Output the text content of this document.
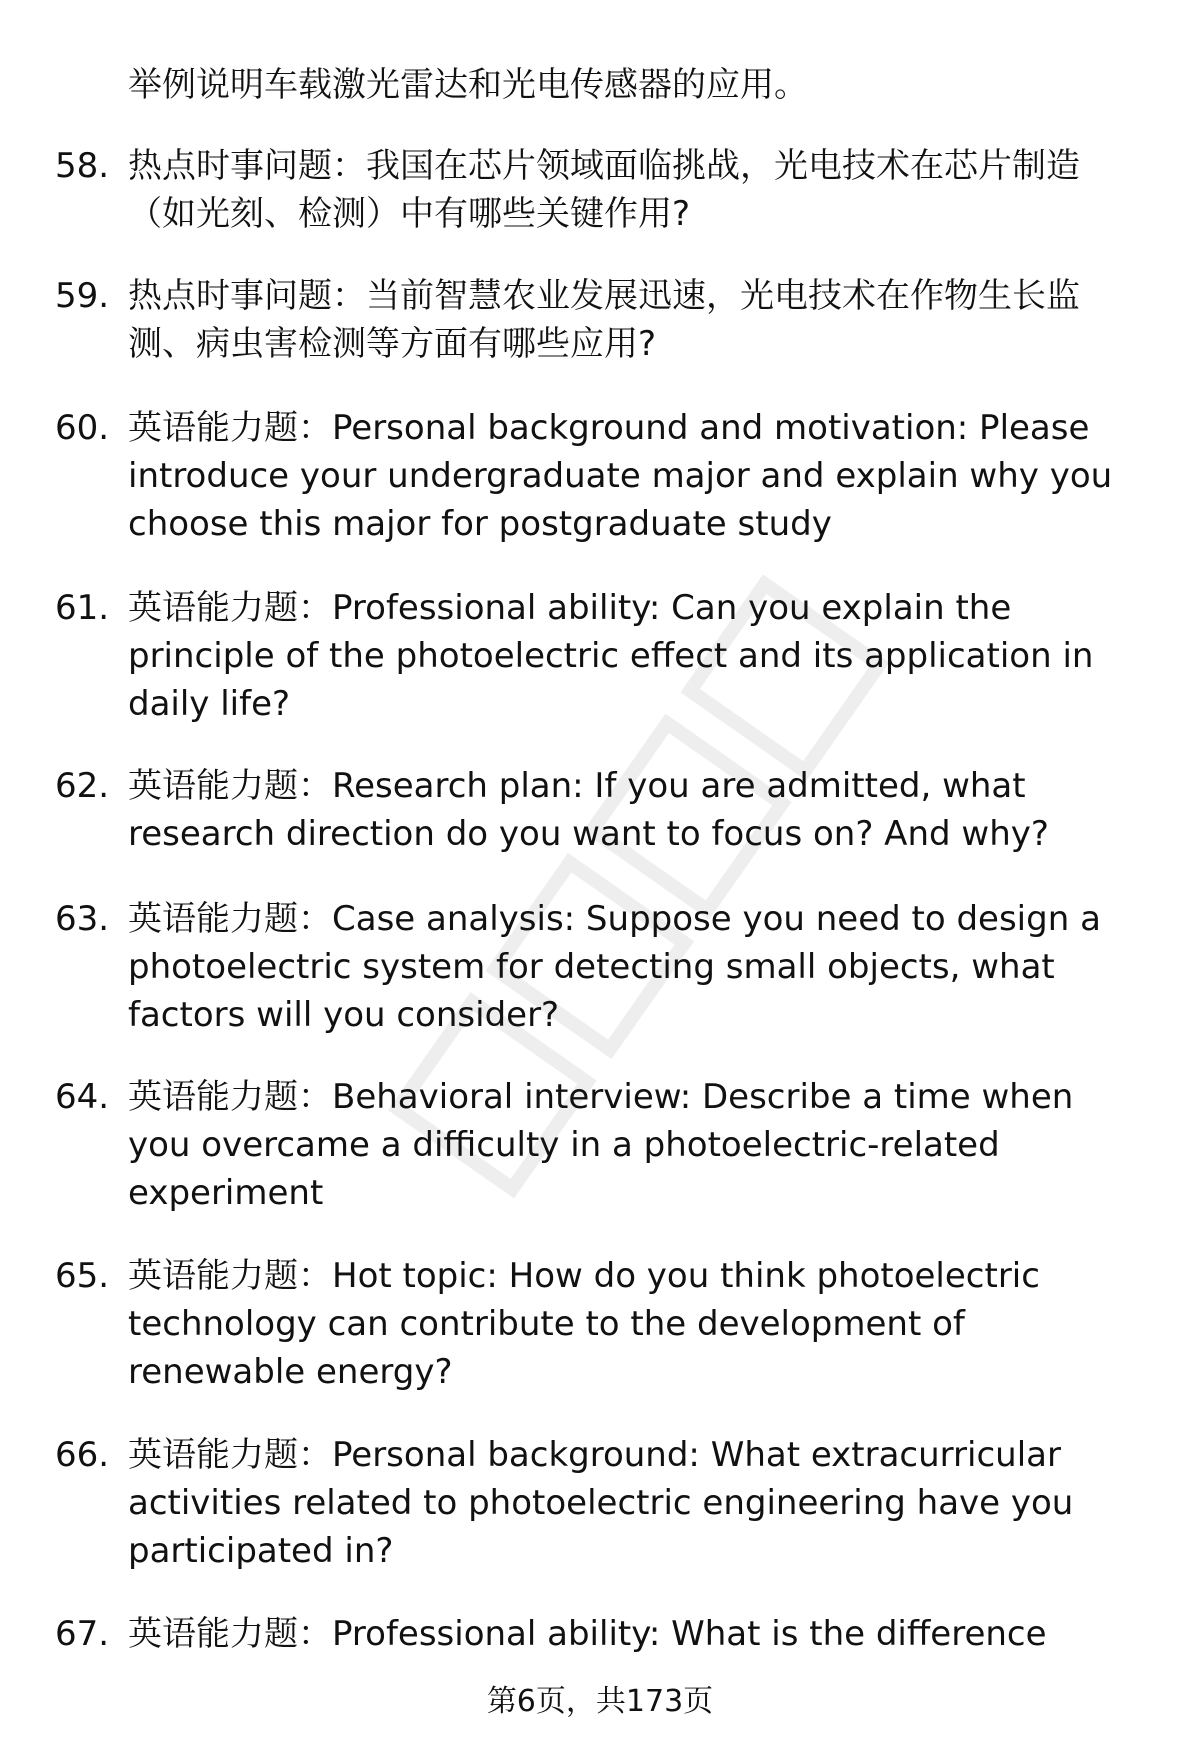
举例说明车载激光雷达和光电传感器的应用。
58. 热点时事问题：我国在芯片领域面临挑战，光电技术在芯片制造
（如光刻、检测）中有哪些关键作用?
59. 热点时事问题：当前智慧农业发展迅速，光电技术在作物生长监
测、病虫害检测等方面有哪些应用?
60. 英语能力题：Personal background and motivation: Please
introduce your undergraduate major and explain why you
choose this major for postgraduate study
61. 英语能力题：Professional ability: Can you explain the
principle of the photoelectric effect and its application in
daily life?
62. 英语能力题：Research plan: If you are admitted, what
research direction do you want to focus on? And why?
63. 英语能力题：Case analysis: Suppose you need to design a
photoelectric system for detecting small objects, what
factors will you consider?
64. 英语能力题：Behavioral interview: Describe a time when
you overcame a difficulty in a photoelectric-related
experiment
65. 英语能力题：Hot topic: How do you think photoelectric
technology can contribute to the development of
renewable energy?
66. 英语能力题：Personal background: What extracurricular
activities related to photoelectric engineering have you
participated in?
67. 英语能力题：Professional ability: What is the difference
第6页，共173页
